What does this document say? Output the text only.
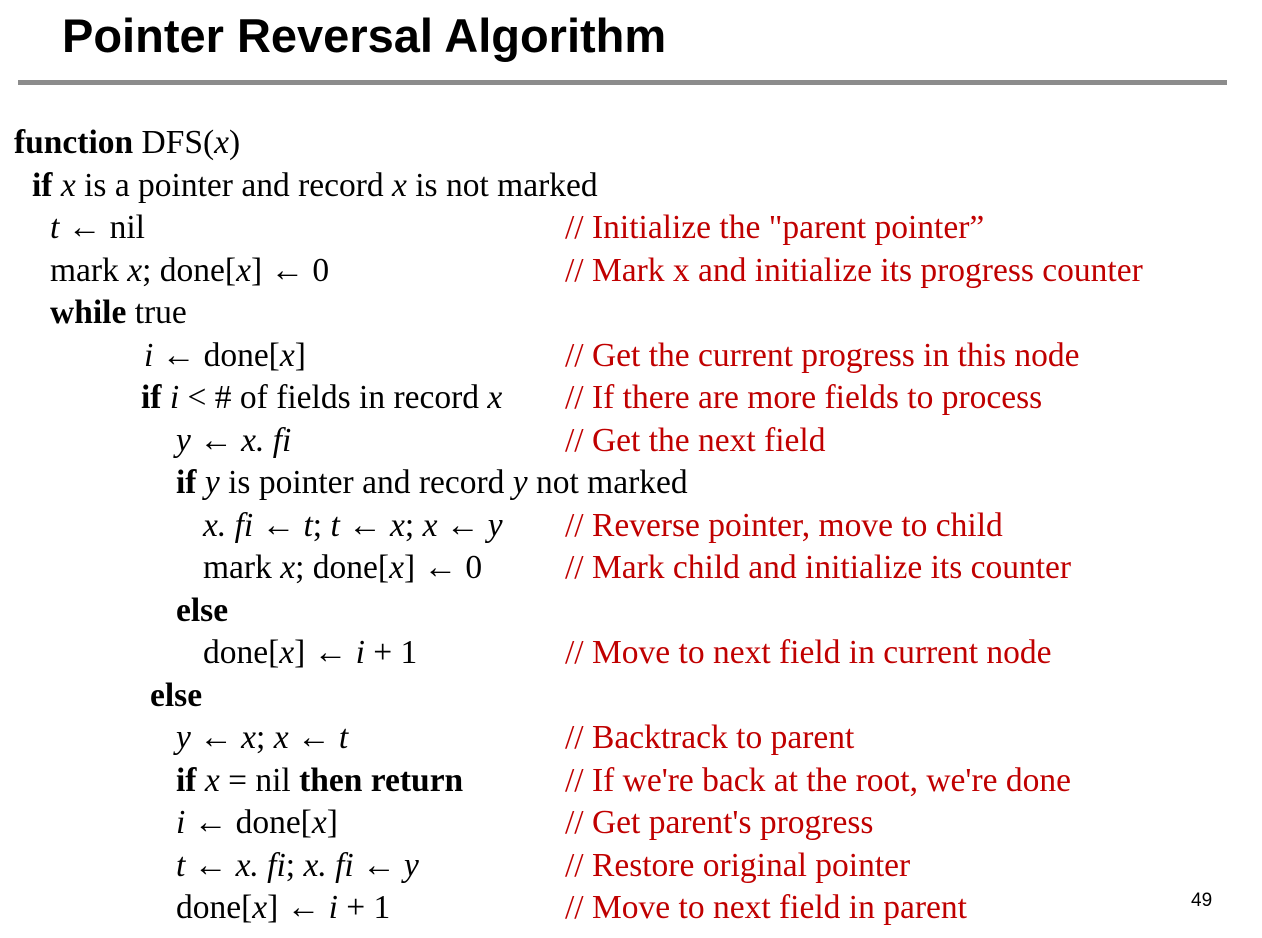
Pointer Reversal Algorithm
function DFS(x)
if x is a pointer and record x is not marked
t ← nil	// Initialize the "parent pointer”
mark x; done[x] ← 0	// Mark x and initialize its progress counter
while true
i ← done[x]	// Get the current progress in this node
if i < # of fields in record x // If there are more fields to process
y ← x. fi	// Get the next field
if y is pointer and record y not marked
x. fi ← t; t ← x; x ← y // Reverse pointer, move to child
mark x; done[x] ← 0 // Mark child and initialize its counter
else
done[x] ← i + 1	// Move to next field in current node
else
y ← x; x ← t	// Backtrack to parent
if x = nil then return	// If we're back at the root, we're done
i ← done[x]	// Get parent's progress
t ← x. fi; x. fi ← y	// Restore original pointer
done[x] ← i + 1	// Move to next field in parent	49
